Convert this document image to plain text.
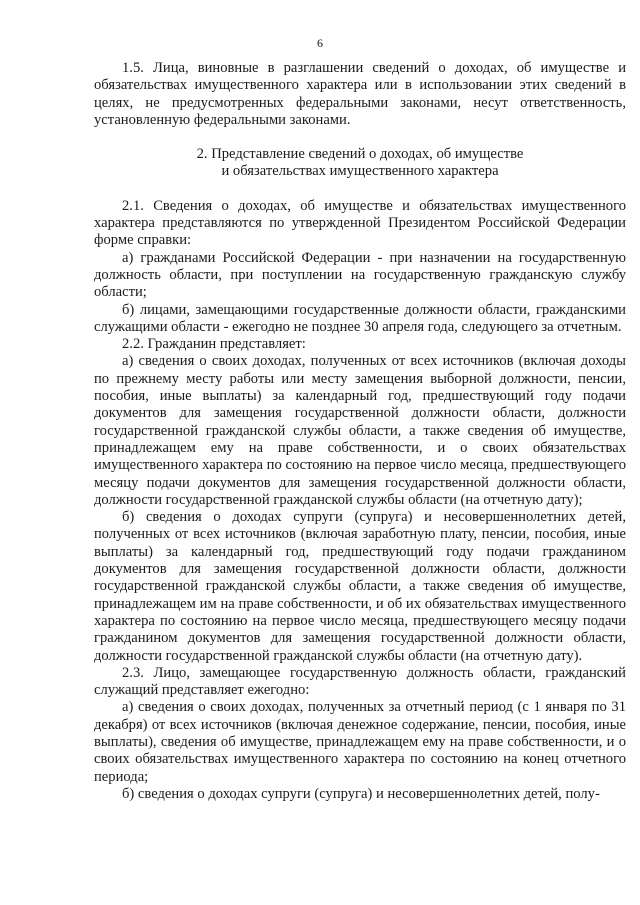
6

1.5. Лица, виновные в разглашении сведений о доходах, об имуществе и обязательствах имущественного характера или в использовании этих сведений в целях, не предусмотренных федеральными законами, несут ответственность, установленную федеральными законами.

2. Представление сведений о доходах, об имуществе
и обязательствах имущественного характера

2.1. Сведения о доходах, об имуществе и обязательствах имущественного характера представляются по утвержденной Президентом Российской Федерации форме справки:

а) гражданами Российской Федерации - при назначении на государственную должность области, при поступлении на государственную гражданскую службу области;

б) лицами, замещающими государственные должности области, гражданскими служащими области - ежегодно не позднее 30 апреля года, следующего за отчетным.

2.2. Гражданин представляет:

а) сведения о своих доходах, полученных от всех источников (включая доходы по прежнему месту работы или месту замещения выборной должности, пенсии, пособия, иные выплаты) за календарный год, предшествующий году подачи документов для замещения государственной должности области, должности государственной гражданской службы области, а также сведения об имуществе, принадлежащем ему на праве собственности, и о своих обязательствах имущественного характера по состоянию на первое число месяца, предшествующего месяцу подачи документов для замещения государственной должности области, должности государственной гражданской службы области (на отчетную дату);

б) сведения о доходах супруги (супруга) и несовершеннолетних детей, полученных от всех источников (включая заработную плату, пенсии, пособия, иные выплаты) за календарный год, предшествующий году подачи гражданином документов для замещения государственной должности области, должности государственной гражданской службы области, а также сведения об имуществе, принадлежащем им на праве собственности, и об их обязательствах имущественного характера по состоянию на первое число месяца, предшествующего месяцу подачи гражданином документов для замещения государственной должности области, должности государственной гражданской службы области (на отчетную дату).

2.3. Лицо, замещающее государственную должность области, гражданский служащий представляет ежегодно:

а) сведения о своих доходах, полученных за отчетный период (с 1 января по 31 декабря) от всех источников (включая денежное содержание, пенсии, пособия, иные выплаты), сведения об имуществе, принадлежащем ему на праве собственности, и о своих обязательствах имущественного характера по состоянию на конец отчетного периода;

б) сведения о доходах супруги (супруга) и несовершеннолетних детей, полу-
